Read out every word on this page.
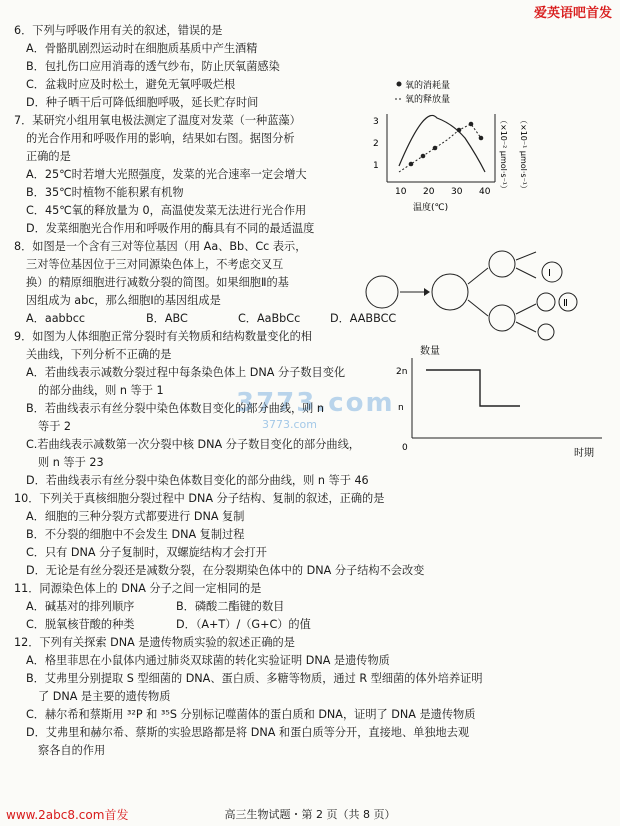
爱英语吧首发
3773.com
6．下列与呼吸作用有关的叙述，错误的是
A．骨骼肌剧烈运动时在细胞质基质中产生酒精
B．包扎伤口应用消毒的透气纱布，防止厌氧菌感染
C．盆栽时应及时松土，避免无氧呼吸烂根
D．种子晒干后可降低细胞呼吸，延长贮存时间
7．某研究小组用氧电极法测定了温度对发菜（一种蓝藻）
的光合作用和呼吸作用的影响，结果如右图。据图分析
正确的是
A．25℃时若增大光照强度，发菜的光合速率一定会增大
B．35℃时植物不能积累有机物
C．45℃氧的释放量为 0，高温使发菜无法进行光合作用
D．发菜细胞光合作用和呼吸作用的酶具有不同的最适温度
氧的消耗量
氧的释放量
3
2
1
10 20 30 40
温度(℃)
（×10⁻² μmol·s⁻¹） （×10⁻¹ μmol·s⁻¹）
8．如图是一个含有三对等位基因（用 Aa、Bb、Cc 表示，
三对等位基因位于三对同源染色体上，不考虑交叉互
换）的精原细胞进行减数分裂的简图。如果细胞Ⅱ的基
因组成为 abc，那么细胞Ⅰ的基因组成是
A．aabbcc	B．ABC	C．AaBbCc	D．AABBCC
Ⅰ
Ⅱ
9．如图为人体细胞正常分裂时有关物质和结构数量变化的相
关曲线，下列分析不正确的是
A．若曲线表示减数分裂过程中每条染色体上 DNA 分子数目变化
的部分曲线，则 n 等于 1
B．若曲线表示有丝分裂中染色体数目变化的部分曲线，则 n
等于 2
C.若曲线表示减数第一次分裂中核 DNA 分子数目变化的部分曲线，
则 n 等于 23
D．若曲线表示有丝分裂中染色体数目变化的部分曲线，则 n 等于 46
数量
2n
n
0	时期
3773.com
10．下列关于真核细胞分裂过程中 DNA 分子结构、复制的叙述，正确的是
A．细胞的三种分裂方式都要进行 DNA 复制
B．不分裂的细胞中不会发生 DNA 复制过程
C．只有 DNA 分子复制时，双螺旋结构才会打开
D．无论是有丝分裂还是减数分裂，在分裂期染色体中的 DNA 分子结构不会改变
11．同源染色体上的 DNA 分子之间一定相同的是
A．碱基对的排列顺序	B．磷酸二酯键的数目
C．脱氧核苷酸的种类	D．（A+T）/（G+C）的值
12．下列有关探索 DNA 是遗传物质实验的叙述正确的是
A．格里菲思在小鼠体内通过肺炎双球菌的转化实验证明 DNA 是遗传物质
B．艾弗里分别提取 S 型细菌的 DNA、蛋白质、多糖等物质，通过 R 型细菌的体外培养证明
了 DNA 是主要的遗传物质
C．赫尔希和蔡斯用 ³²P 和 ³⁵S 分别标记噬菌体的蛋白质和 DNA，证明了 DNA 是遗传物质
D．艾弗里和赫尔希、蔡斯的实验思路都是将 DNA 和蛋白质等分开，直接地、单独地去观
察各自的作用
高三生物试题・第 2 页（共 8 页）
www.2abc8.com首发
